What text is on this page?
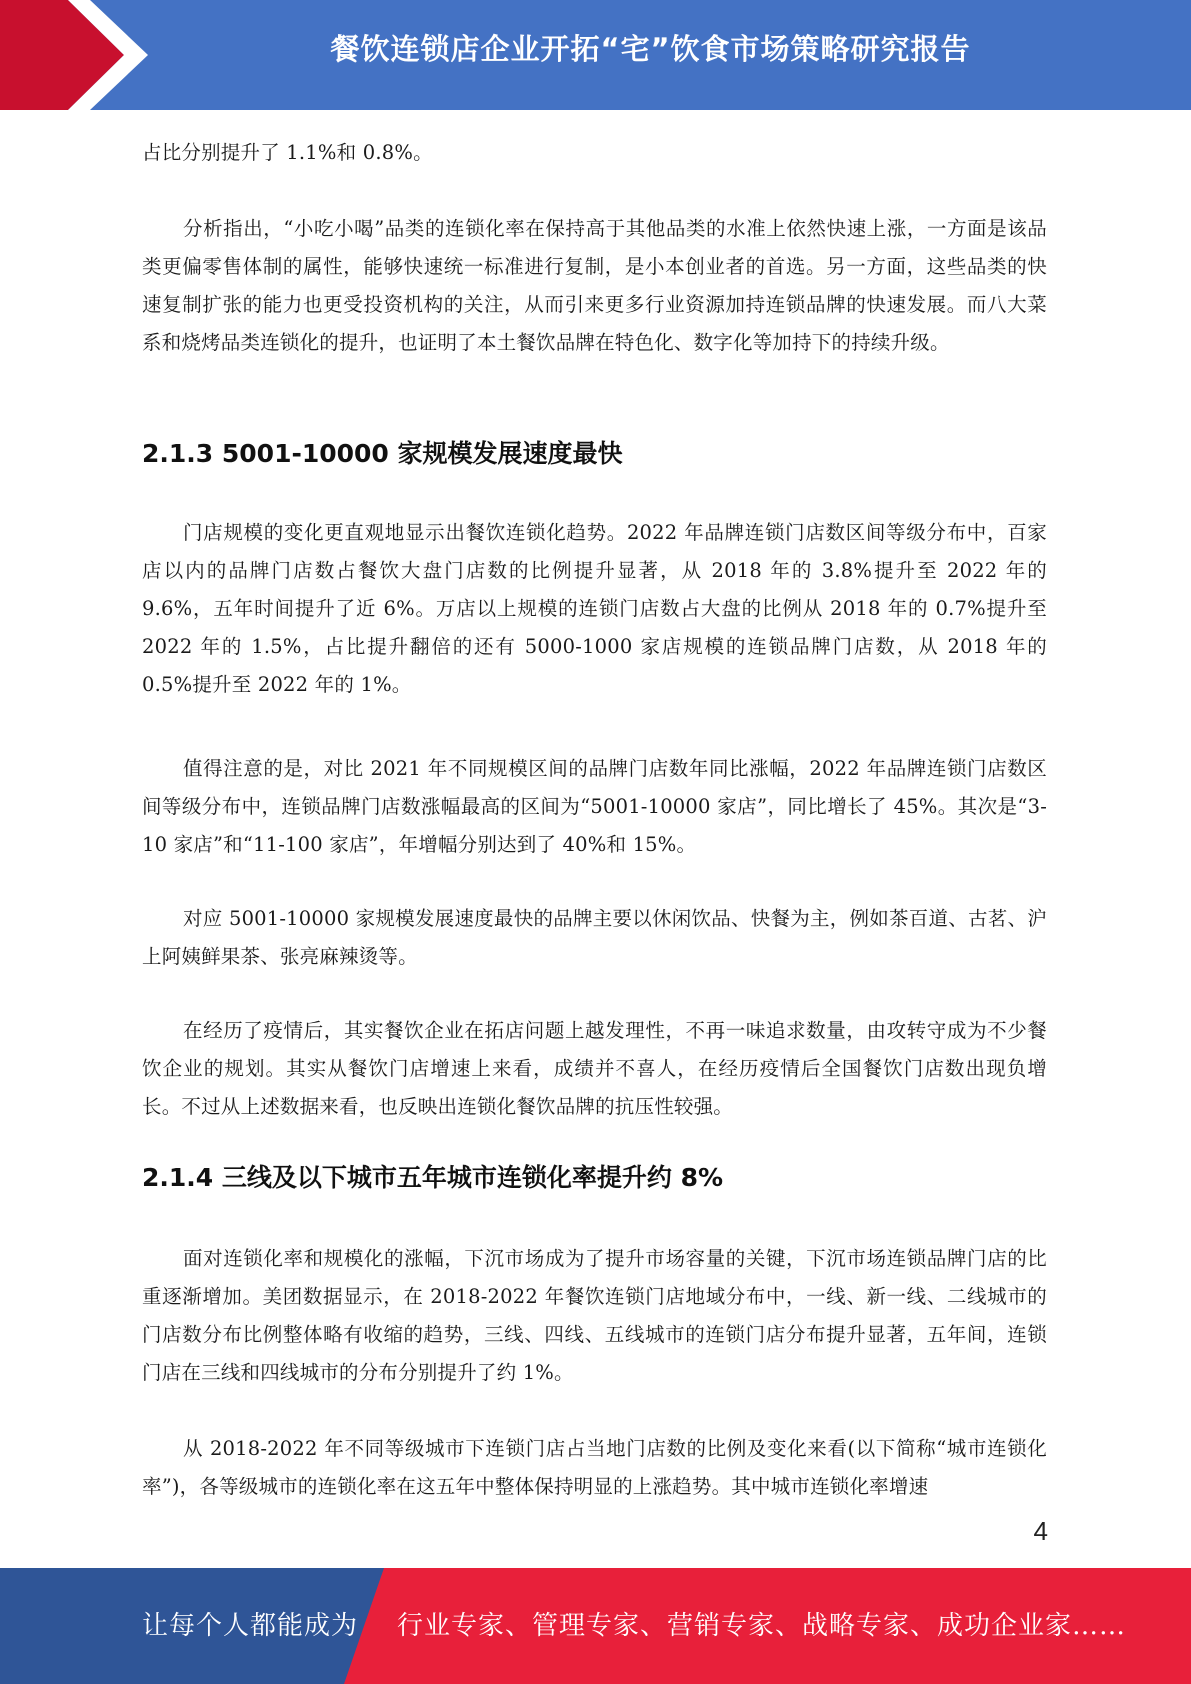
餐饮连锁店企业开拓“宅”饮食市场策略研究报告

占比分别提升了 1.1%和 0.8%。

分析指出，“小吃小喝”品类的连锁化率在保持高于其他品类的水准上依然快速上涨，一方面是该品类更偏零售体制的属性，能够快速统一标准进行复制，是小本创业者的首选。另一方面，这些品类的快速复制扩张的能力也更受投资机构的关注，从而引来更多行业资源加持连锁品牌的快速发展。而八大菜系和烧烤品类连锁化的提升，也证明了本土餐饮品牌在特色化、数字化等加持下的持续升级。

2.1.3 5001-10000 家规模发展速度最快

门店规模的变化更直观地显示出餐饮连锁化趋势。2022 年品牌连锁门店数区间等级分布中，百家店以内的品牌门店数占餐饮大盘门店数的比例提升显著，从 2018 年的 3.8%提升至 2022 年的 9.6%，五年时间提升了近 6%。万店以上规模的连锁门店数占大盘的比例从 2018 年的 0.7%提升至 2022 年的 1.5%，占比提升翻倍的还有 5000-1000 家店规模的连锁品牌门店数，从 2018 年的 0.5%提升至 2022 年的 1%。

值得注意的是，对比 2021 年不同规模区间的品牌门店数年同比涨幅，2022 年品牌连锁门店数区间等级分布中，连锁品牌门店数涨幅最高的区间为“5001-10000 家店”，同比增长了 45%。其次是“3-10 家店”和“11-100 家店”，年增幅分别达到了 40%和 15%。

对应 5001-10000 家规模发展速度最快的品牌主要以休闲饮品、快餐为主，例如茶百道、古茗、沪上阿姨鲜果茶、张亮麻辣烫等。

在经历了疫情后，其实餐饮企业在拓店问题上越发理性，不再一味追求数量，由攻转守成为不少餐饮企业的规划。其实从餐饮门店增速上来看，成绩并不喜人，在经历疫情后全国餐饮门店数出现负增长。不过从上述数据来看，也反映出连锁化餐饮品牌的抗压性较强。

2.1.4 三线及以下城市五年城市连锁化率提升约 8%

面对连锁化率和规模化的涨幅，下沉市场成为了提升市场容量的关键，下沉市场连锁品牌门店的比重逐渐增加。美团数据显示，在 2018-2022 年餐饮连锁门店地域分布中，一线、新一线、二线城市的门店数分布比例整体略有收缩的趋势，三线、四线、五线城市的连锁门店分布提升显著，五年间，连锁门店在三线和四线城市的分布分别提升了约 1%。

从 2018-2022 年不同等级城市下连锁门店占当地门店数的比例及变化来看(以下简称“城市连锁化率”)，各等级城市的连锁化率在这五年中整体保持明显的上涨趋势。其中城市连锁化率增速

4
让每个人都能成为 行业专家、管理专家、营销专家、战略专家、成功企业家……
